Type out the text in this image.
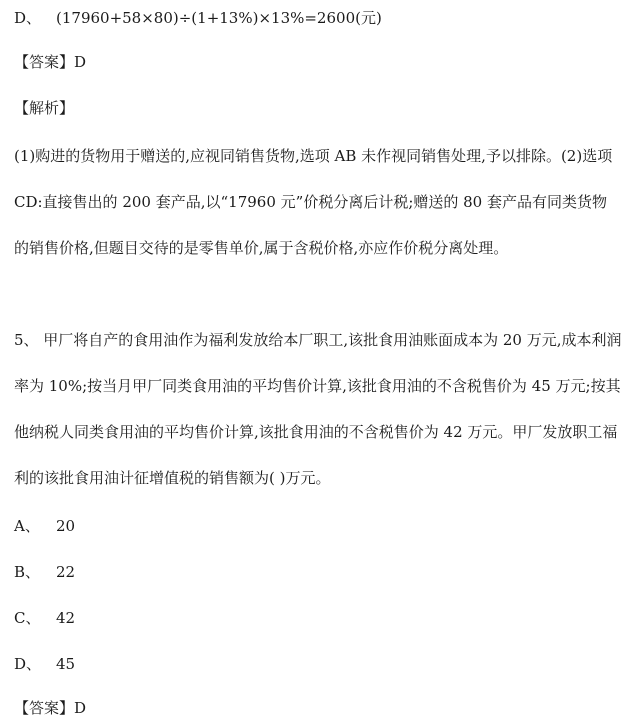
D、 (17960+58×80)÷(1+13%)×13%=2600(元)
【答案】D
【解析】
(1)购进的货物用于赠送的,应视同销售货物,选项 AB 未作视同销售处理,予以排除。(2)选项
CD:直接售出的 200 套产品,以“17960 元”价税分离后计税;赠送的 80 套产品有同类货物
的销售价格,但题目交待的是零售单价,属于含税价格,亦应作价税分离处理。
5、 甲厂将自产的食用油作为福利发放给本厂职工,该批食用油账面成本为 20 万元,成本利润
率为 10%;按当月甲厂同类食用油的平均售价计算,该批食用油的不含税售价为 45 万元;按其
他纳税人同类食用油的平均售价计算,该批食用油的不含税售价为 42 万元。甲厂发放职工福
利的该批食用油计征增值税的销售额为( )万元。
A、 20
B、 22
C、 42
D、 45
【答案】D
